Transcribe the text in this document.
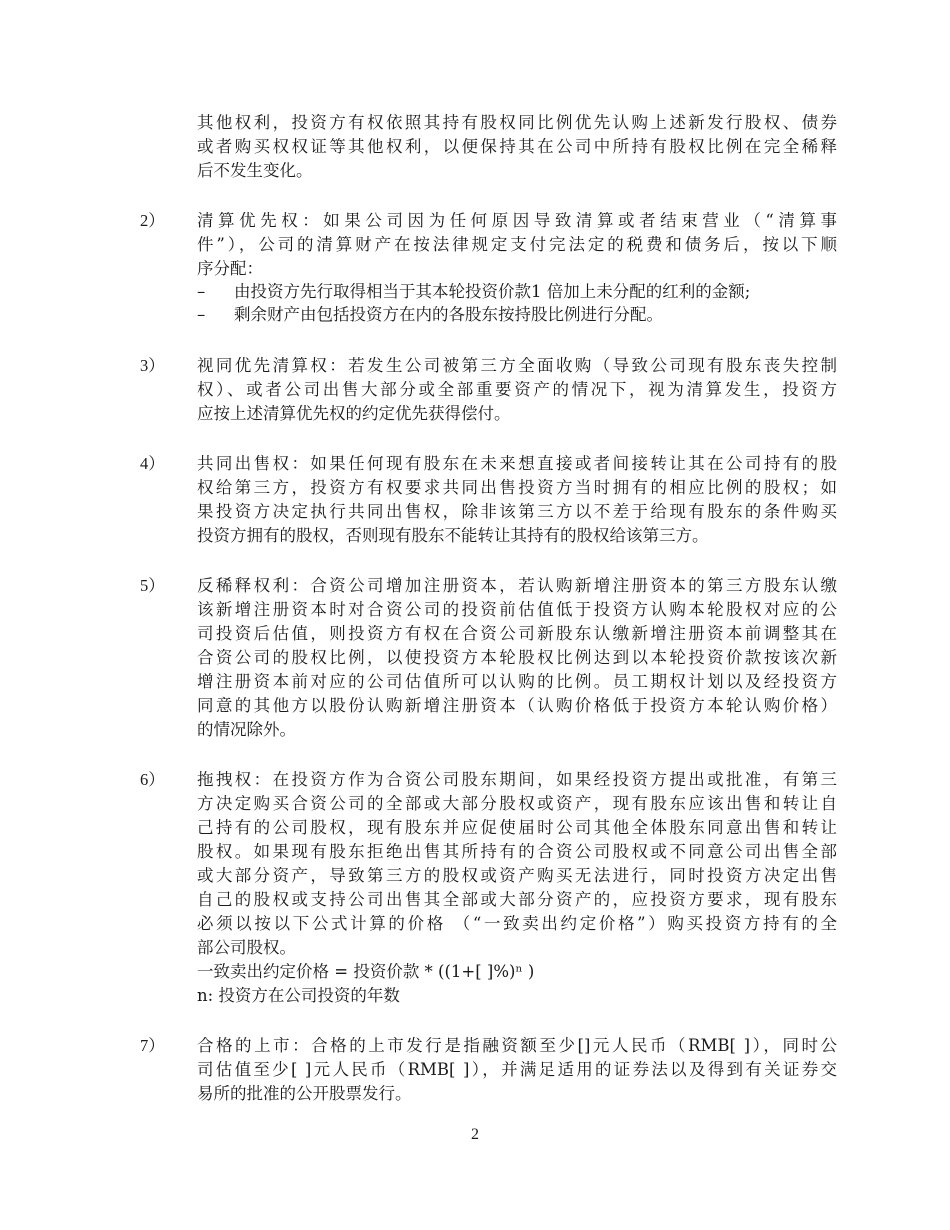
其他权利，投资方有权依照其持有股权同比例优先认购上述新发行股权、债券
或者购买权权证等其他权利，以便保持其在公司中所持有股权比例在完全稀释
后不发生变化。
2） 清算优先权：如果公司因为任何原因导致清算或者结束营业（“清算事
件”），公司的清算财产在按法律规定支付完法定的税费和债务后，按以下顺
序分配：
– 由投资方先行取得相当于其本轮投资价款1 倍加上未分配的红利的金额;
– 剩余财产由包括投资方在内的各股东按持股比例进行分配。
3） 视同优先清算权：若发生公司被第三方全面收购（导致公司现有股东丧失控制
权）、或者公司出售大部分或全部重要资产的情况下，视为清算发生，投资方
应按上述清算优先权的约定优先获得偿付。
4） 共同出售权：如果任何现有股东在未来想直接或者间接转让其在公司持有的股
权给第三方，投资方有权要求共同出售投资方当时拥有的相应比例的股权；如
果投资方决定执行共同出售权，除非该第三方以不差于给现有股东的条件购买
投资方拥有的股权，否则现有股东不能转让其持有的股权给该第三方。
5） 反稀释权利：合资公司增加注册资本，若认购新增注册资本的第三方股东认缴
该新增注册资本时对合资公司的投资前估值低于投资方认购本轮股权对应的公
司投资后估值，则投资方有权在合资公司新股东认缴新增注册资本前调整其在
合资公司的股权比例，以使投资方本轮股权比例达到以本轮投资价款按该次新
增注册资本前对应的公司估值所可以认购的比例。员工期权计划以及经投资方
同意的其他方以股份认购新增注册资本（认购价格低于投资方本轮认购价格）
的情况除外。
6） 拖拽权：在投资方作为合资公司股东期间，如果经投资方提出或批准，有第三
方决定购买合资公司的全部或大部分股权或资产，现有股东应该出售和转让自
己持有的公司股权，现有股东并应促使届时公司其他全体股东同意出售和转让
股权。如果现有股东拒绝出售其所持有的合资公司股权或不同意公司出售全部
或大部分资产，导致第三方的股权或资产购买无法进行，同时投资方决定出售
自己的股权或支持公司出售其全部或大部分资产的，应投资方要求，现有股东
必须以按以下公式计算的价格 （“一致卖出约定价格”）购买投资方持有的全
部公司股权。
一致卖出约定价格 = 投资价款 * ((1+[ ]%)ⁿ )
n: 投资方在公司投资的年数
7） 合格的上市：合格的上市发行是指融资额至少[]元人民币（RMB[ ]），同时公
司估值至少[ ]元人民币（RMB[ ]），并满足适用的证券法以及得到有关证券交
易所的批准的公开股票发行。
2
